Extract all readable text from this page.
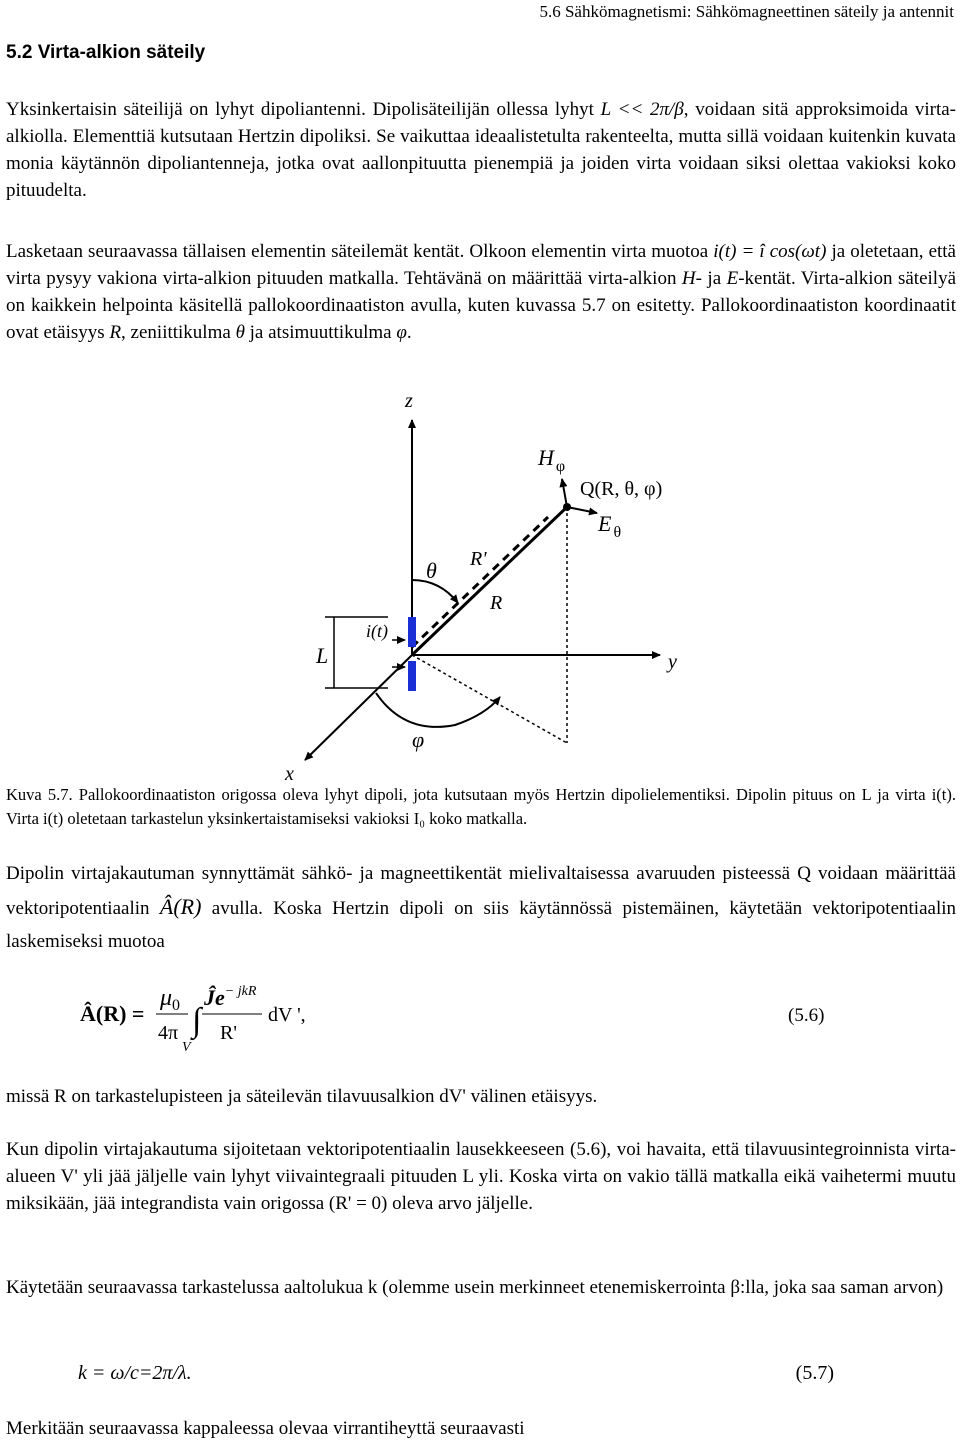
5.6 Sähkömagnetismi: Sähkömagneettinen säteily ja antennit
5.2 Virta-alkion säteily

Yksinkertaisin säteilijä on lyhyt dipoliantenni. Dipolisäteilijän ollessa lyhyt L << 2π/β, voidaan sitä approksimoida virta-alkiolla. Elementtiä kutsutaan Hertzin dipoliksi. Se vaikuttaa ideaalistetulta rakenteelta, mutta sillä voidaan kuitenkin kuvata monia käytännön dipoliantenneja, jotka ovat aallonpituutta pienempiä ja joiden virta voidaan siksi olettaa vakioksi koko pituudelta.

Lasketaan seuraavassa tällaisen elementin säteilemät kentät. Olkoon elementin virta muotoa i(t) = î cos(ωt) ja oletetaan, että virta pysyy vakiona virta-alkion pituuden matkalla. Tehtävänä on määrittää virta-alkion H- ja E-kentät. Virta-alkion säteilyä on kaikkein helpointa käsitellä pallokoordinaatiston avulla, kuten kuvassa 5.7 on esitetty. Pallokoordinaatiston koordinaatit ovat etäisyys R, zeniittikulma θ ja atsimuuttikulma φ.

z
x
y
L
i(t)
θ
φ
R'
R
H $_\varphi$
Q(R, θ, φ)
E $_\theta$
Kuva 5.7. Pallokoordinaatiston origossa oleva lyhyt dipoli, jota kutsutaan myös Hertzin dipolielementiksi. Dipolin pituus on L ja virta i(t). Virta i(t) oletetaan tarkastelun yksinkertaistamiseksi vakioksi I₀ koko matkalla.

Dipolin virtajakautuman synnyttämät sähkö- ja magneettikentät mielivaltaisessa avaruuden pisteessä Q voidaan määrittää vektoripotentiaalin Â(R) avulla. Koska Hertzin dipoli on siis käytännössä pistemäinen, käytetään vektoripotentiaalin laskemiseksi muotoa

Â(R) =
$\mu_0$
4π ∫
V
$Ĵe^{- jkR}$
R'
dV ',	(5.6)

missä R on tarkastelupisteen ja säteilevän tilavuusalkion dV' välinen etäisyys.

Kun dipolin virtajakautuma sijoitetaan vektoripotentiaalin lausekkeeseen (5.6), voi havaita, että tilavuusintegroinnista virta-alueen V' yli jää jäljelle vain lyhyt viivaintegraali pituuden L yli. Koska virta on vakio tällä matkalla eikä vaihetermi muutu miksikään, jää integrandista vain origossa (R' = 0) oleva arvo jäljelle.

Käytetään seuraavassa tarkastelussa aaltolukua k (olemme usein merkinneet etenemiskerrointa β:lla, joka saa saman arvon)

k = ω/c=2π/λ.	(5.7)

Merkitään seuraavassa kappaleessa olevaa virrantiheyttä seuraavasti
